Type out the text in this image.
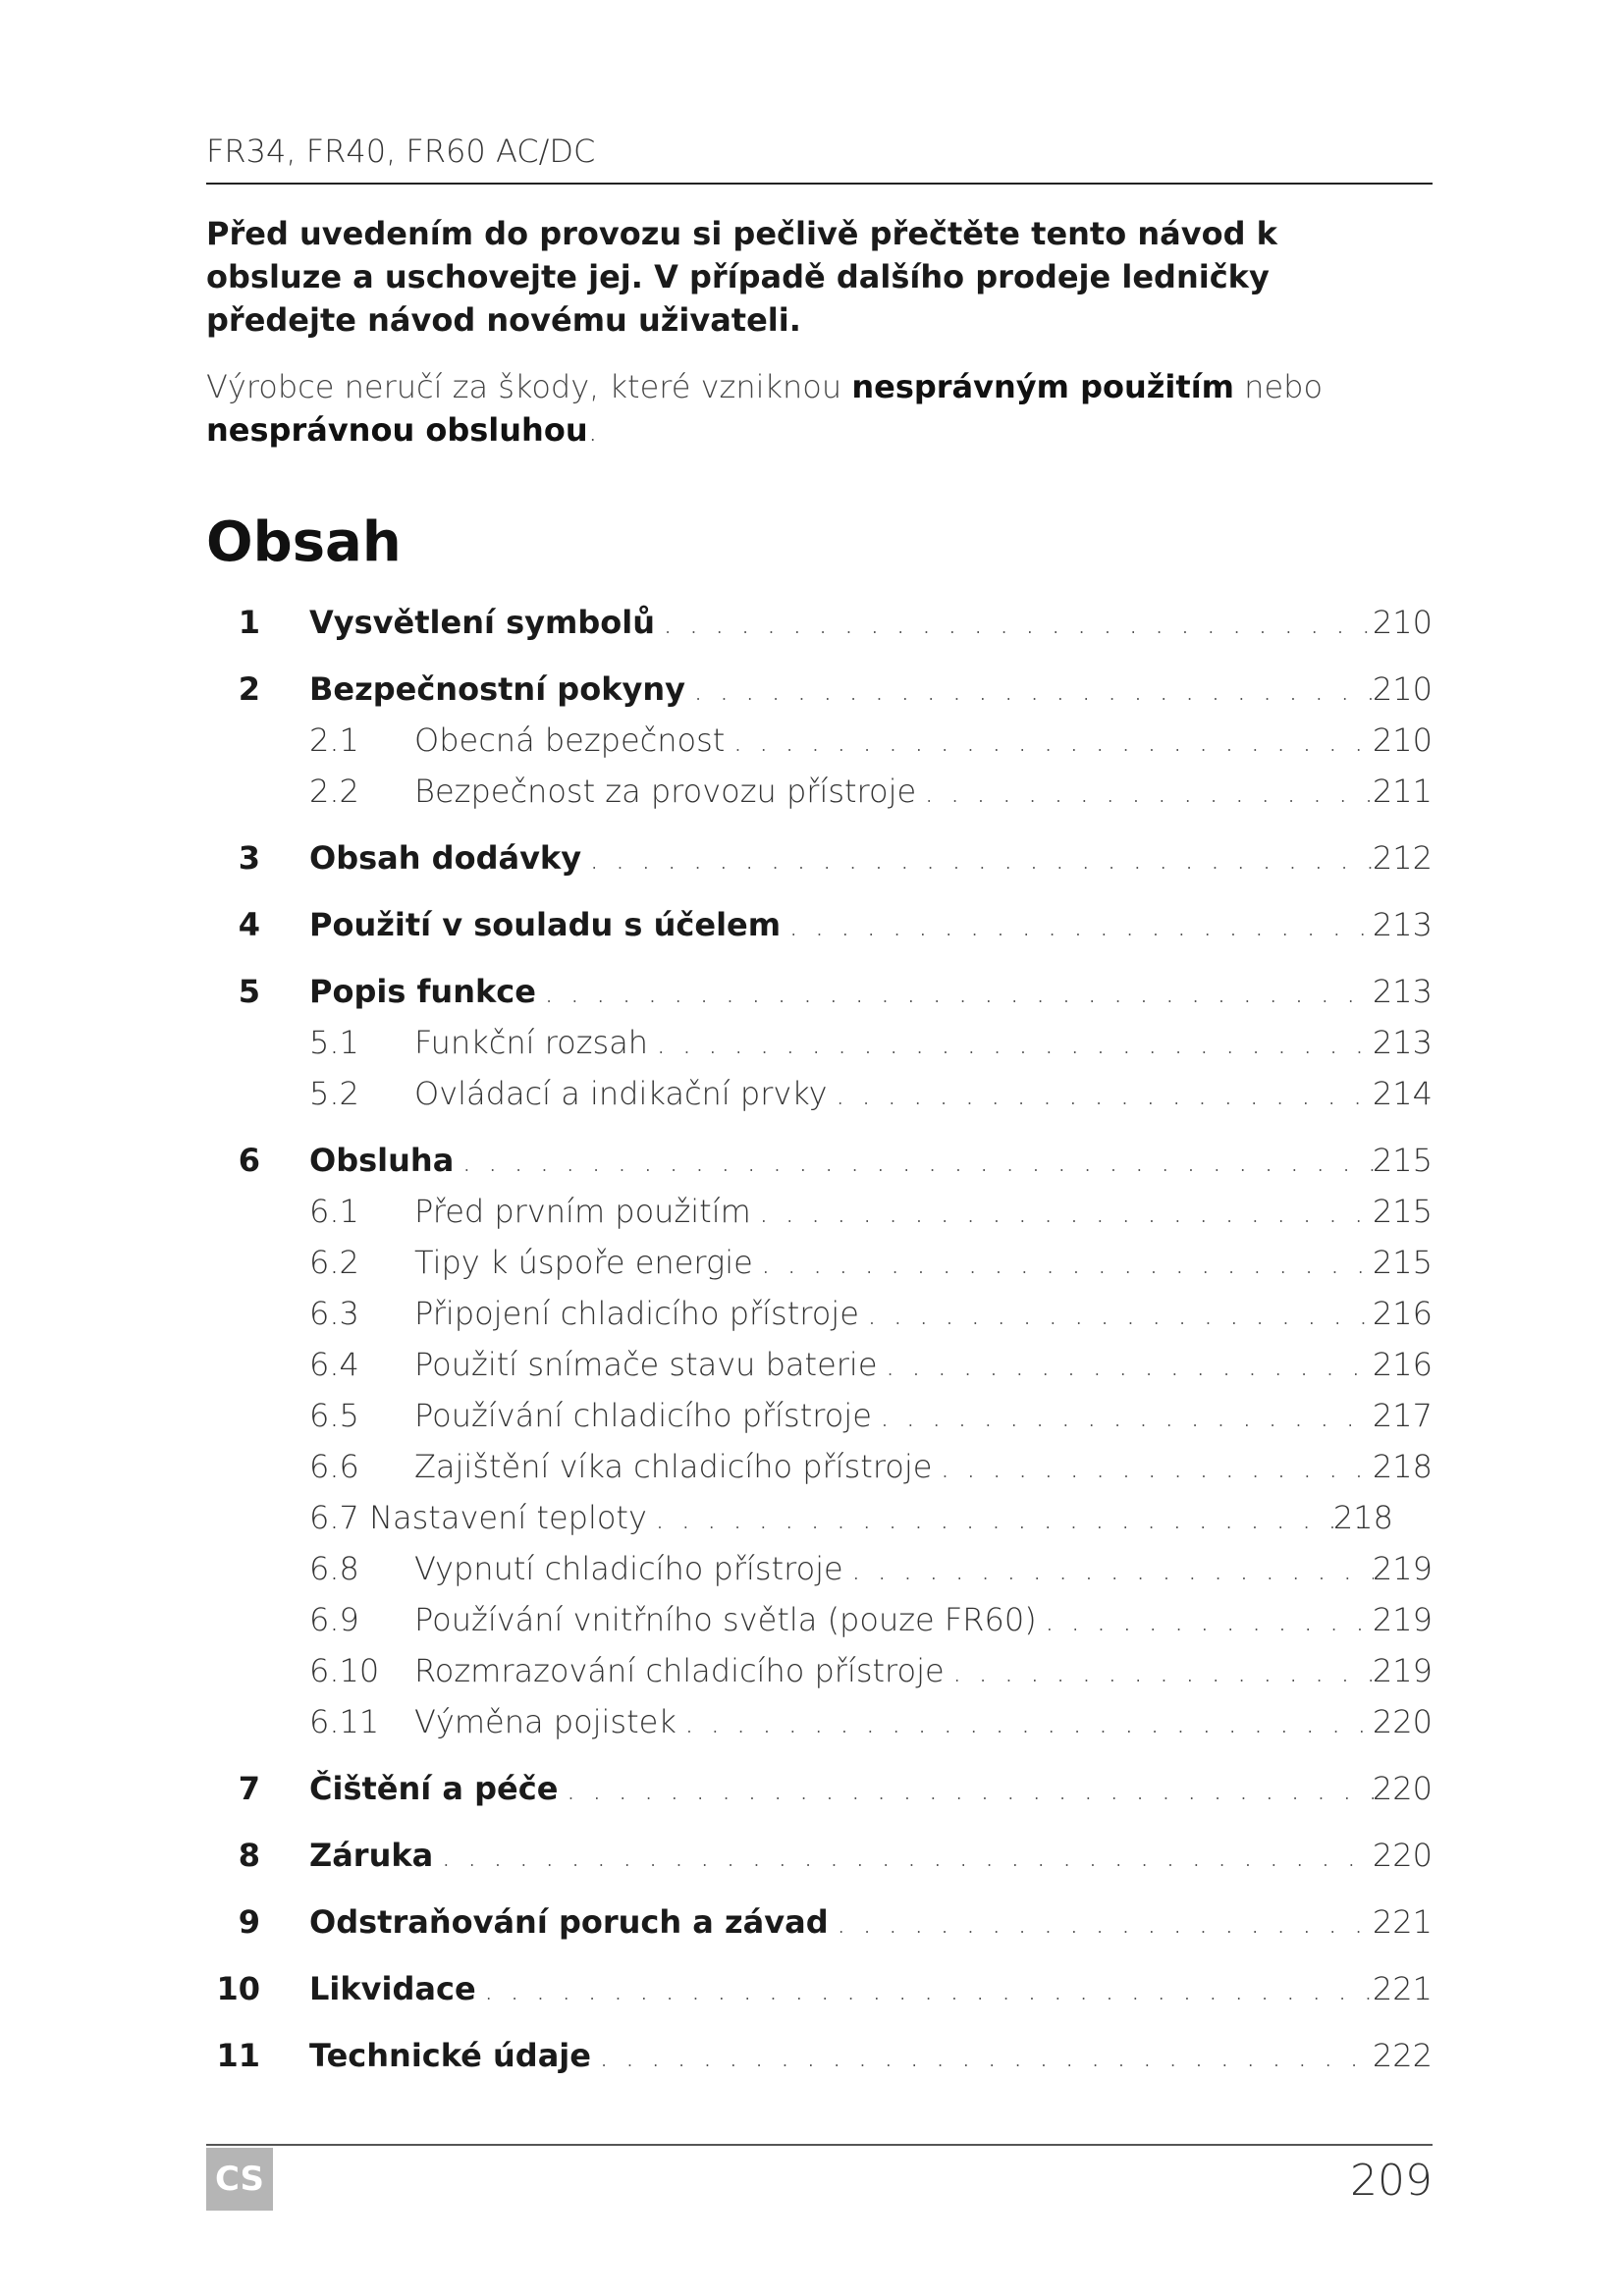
FR34, FR40, FR60 AC/DC
Před uvedením do provozu si pečlivě přečtěte tento návod k obsluze a uschovejte jej. V případě dalšího prodeje ledničky předejte návod novému uživateli.
Výrobce neručí za škody, které vzniknou nesprávným použitím nebo nesprávnou obsluhou.
Obsah
1 Vysvětlení symbolů . . .	210
2 Bezpečnostní pokyny . . .	210
2.1 Obecná bezpečnost . . .	210
2.2 Bezpečnost za provozu přístroje . . .	211
3 Obsah dodávky . . .	212
4 Použití v souladu s účelem . . .	213
5 Popis funkce . . .	213
5.1 Funkční rozsah . . .	213
5.2 Ovládací a indikační prvky . . .	214
6 Obsluha . . .	215
6.1 Před prvním použitím . . .	215
6.2 Tipy k úspoře energie . . .	215
6.3 Připojení chladicího přístroje . . .	216
6.4 Použití snímače stavu baterie . . .	216
6.5 Používání chladicího přístroje . . .	217
6.6 Zajištění víka chladicího přístroje . . .	218
6.7 Nastavení teploty . . .	218
6.8 Vypnutí chladicího přístroje . . .	219
6.9 Používání vnitřního světla (pouze FR60) . . .	219
6.10 Rozmrazování chladicího přístroje . . .	219
6.11 Výměna pojistek . . .	220
7 Čištění a péče . . .	220
8 Záruka . . .	220
9 Odstraňování poruch a závad . . .	221
10 Likvidace . . .	221
11 Technické údaje . . .	222
CS	209
